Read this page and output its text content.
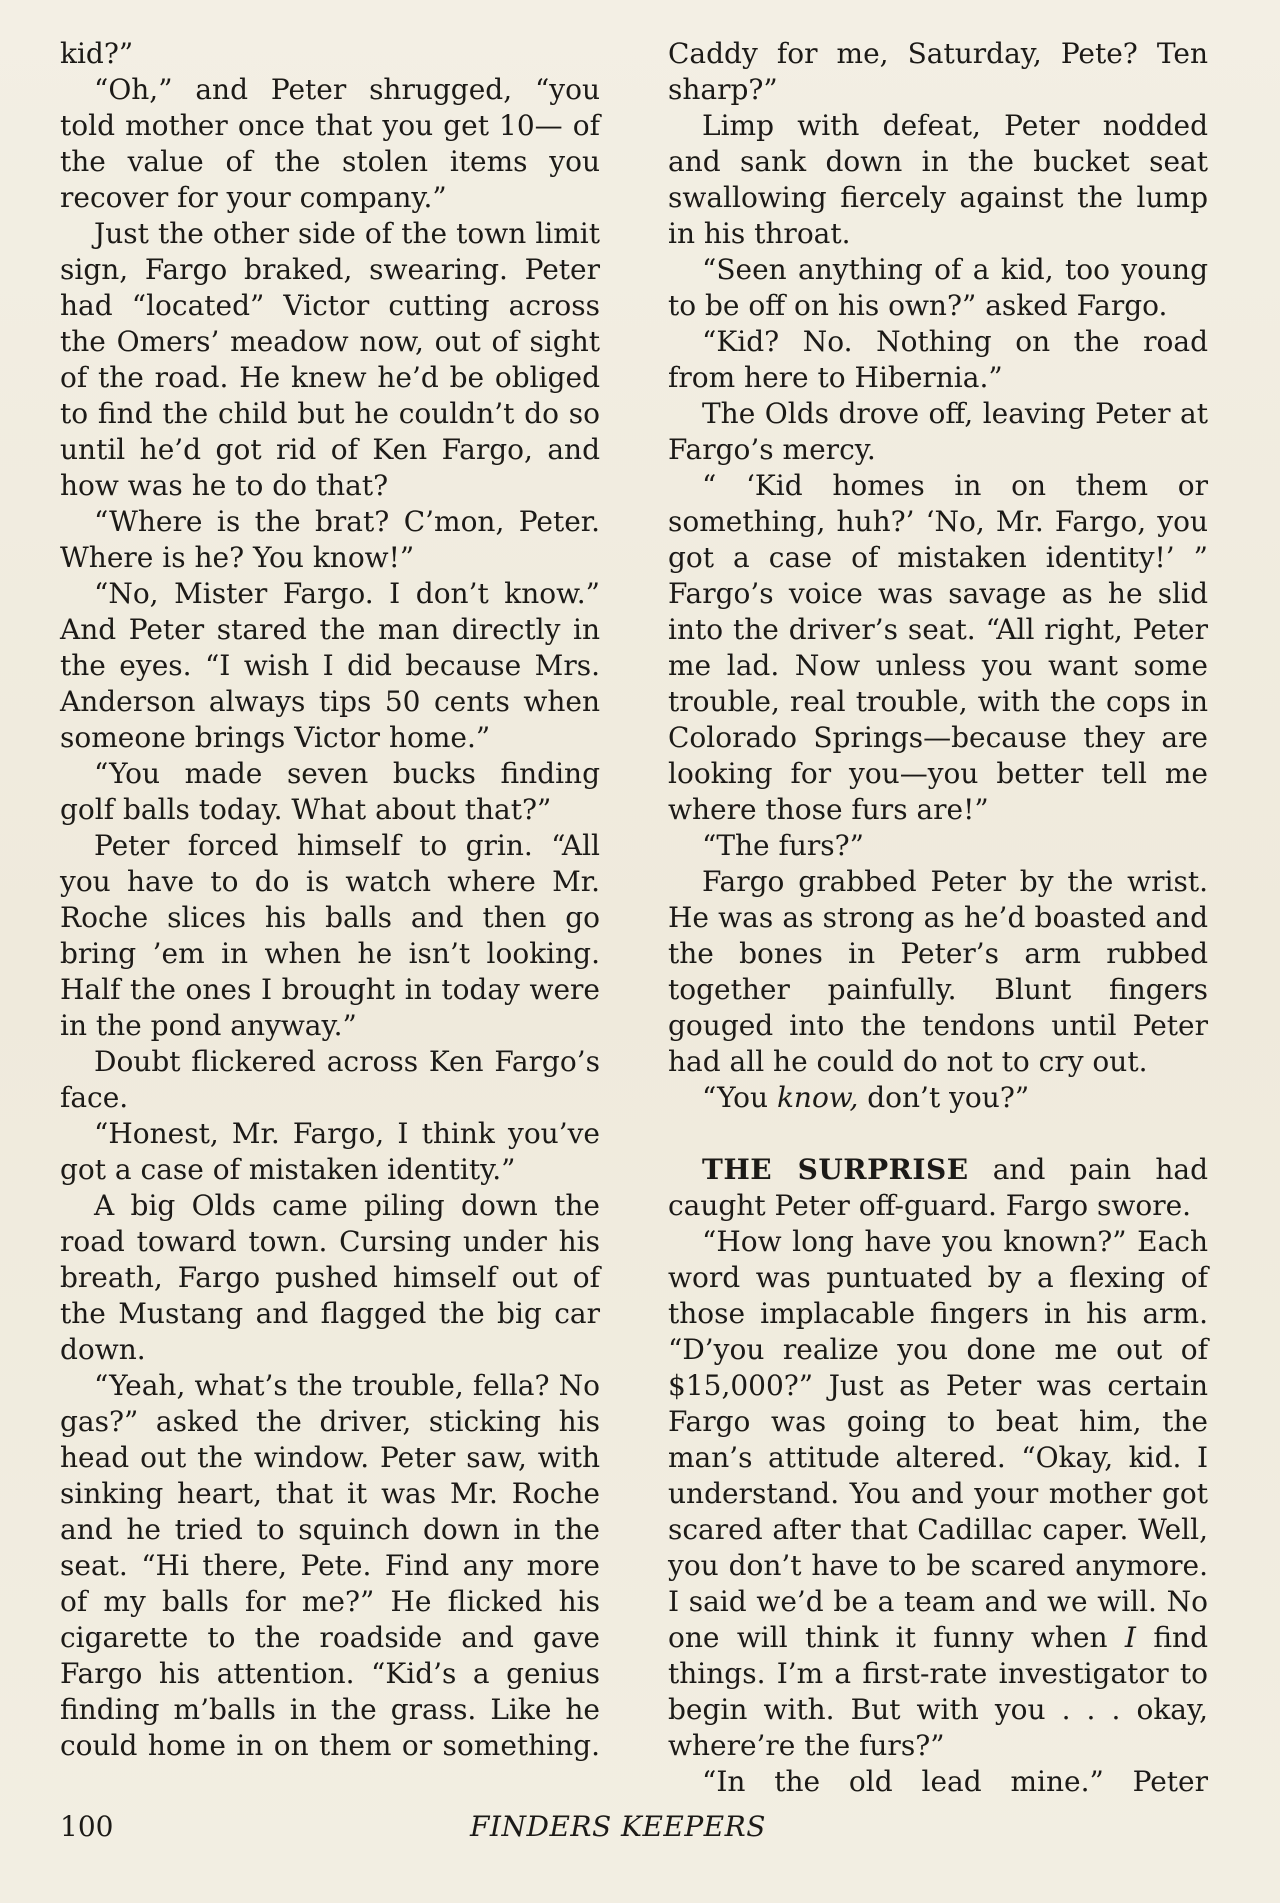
kid?”

“Oh,” and Peter shrugged, “you told mother once that you get 10— of the value of the stolen items you recover for your company.”

Just the other side of the town limit sign, Fargo braked, swearing. Peter had “located” Victor cutting across the Omers’ meadow now, out of sight of the road. He knew he’d be obliged to find the child but he couldn’t do so until he’d got rid of Ken Fargo, and how was he to do that?

“Where is the brat? C’mon, Peter. Where is he? You know!”

“No, Mister Fargo. I don’t know.” And Peter stared the man directly in the eyes. “I wish I did because Mrs. Anderson always tips 50 cents when someone brings Victor home.”

“You made seven bucks finding golf balls today. What about that?”

Peter forced himself to grin. “All you have to do is watch where Mr. Roche slices his balls and then go bring ’em in when he isn’t looking. Half the ones I brought in today were in the pond anyway.”

Doubt flickered across Ken Fargo’s face.

“Honest, Mr. Fargo, I think you’ve got a case of mistaken identity.”

A big Olds came piling down the road toward town. Cursing under his breath, Fargo pushed himself out of the Mustang and flagged the big car down.

“Yeah, what’s the trouble, fella? No gas?” asked the driver, sticking his head out the window. Peter saw, with sinking heart, that it was Mr. Roche and he tried to squinch down in the seat. “Hi there, Pete. Find any more of my balls for me?” He flicked his cigarette to the roadside and gave Fargo his attention. “Kid’s a genius finding m’balls in the grass. Like he could home in on them or something.

Caddy for me, Saturday, Pete? Ten sharp?”

Limp with defeat, Peter nodded and sank down in the bucket seat swallowing fiercely against the lump in his throat.

“Seen anything of a kid, too young to be off on his own?” asked Fargo.

“Kid? No. Nothing on the road from here to Hibernia.”

The Olds drove off, leaving Peter at Fargo’s mercy.

“ ‘Kid homes in on them or something, huh?’ ‘No, Mr. Fargo, you got a case of mistaken identity!’ ” Fargo’s voice was savage as he slid into the driver’s seat. “All right, Peter me lad. Now unless you want some trouble, real trouble, with the cops in Colorado Springs—because they are looking for you—you better tell me where those furs are!”

“The furs?”

Fargo grabbed Peter by the wrist. He was as strong as he’d boasted and the bones in Peter’s arm rubbed together painfully. Blunt fingers gouged into the tendons until Peter had all he could do not to cry out.

“You know, don’t you?”

THE SURPRISE and pain had caught Peter off-guard. Fargo swore.

“How long have you known?” Each word was puntuated by a flexing of those implacable fingers in his arm. “D’you realize you done me out of $15,000?” Just as Peter was certain Fargo was going to beat him, the man’s attitude altered. “Okay, kid. I understand. You and your mother got scared after that Cadillac caper. Well, you don’t have to be scared anymore. I said we’d be a team and we will. No one will think it funny when I find things. I’m a first-rate investigator to begin with. But with you . . . okay, where’re the furs?”

“In the old lead mine.” Peter

100	FINDERS KEEPERS
